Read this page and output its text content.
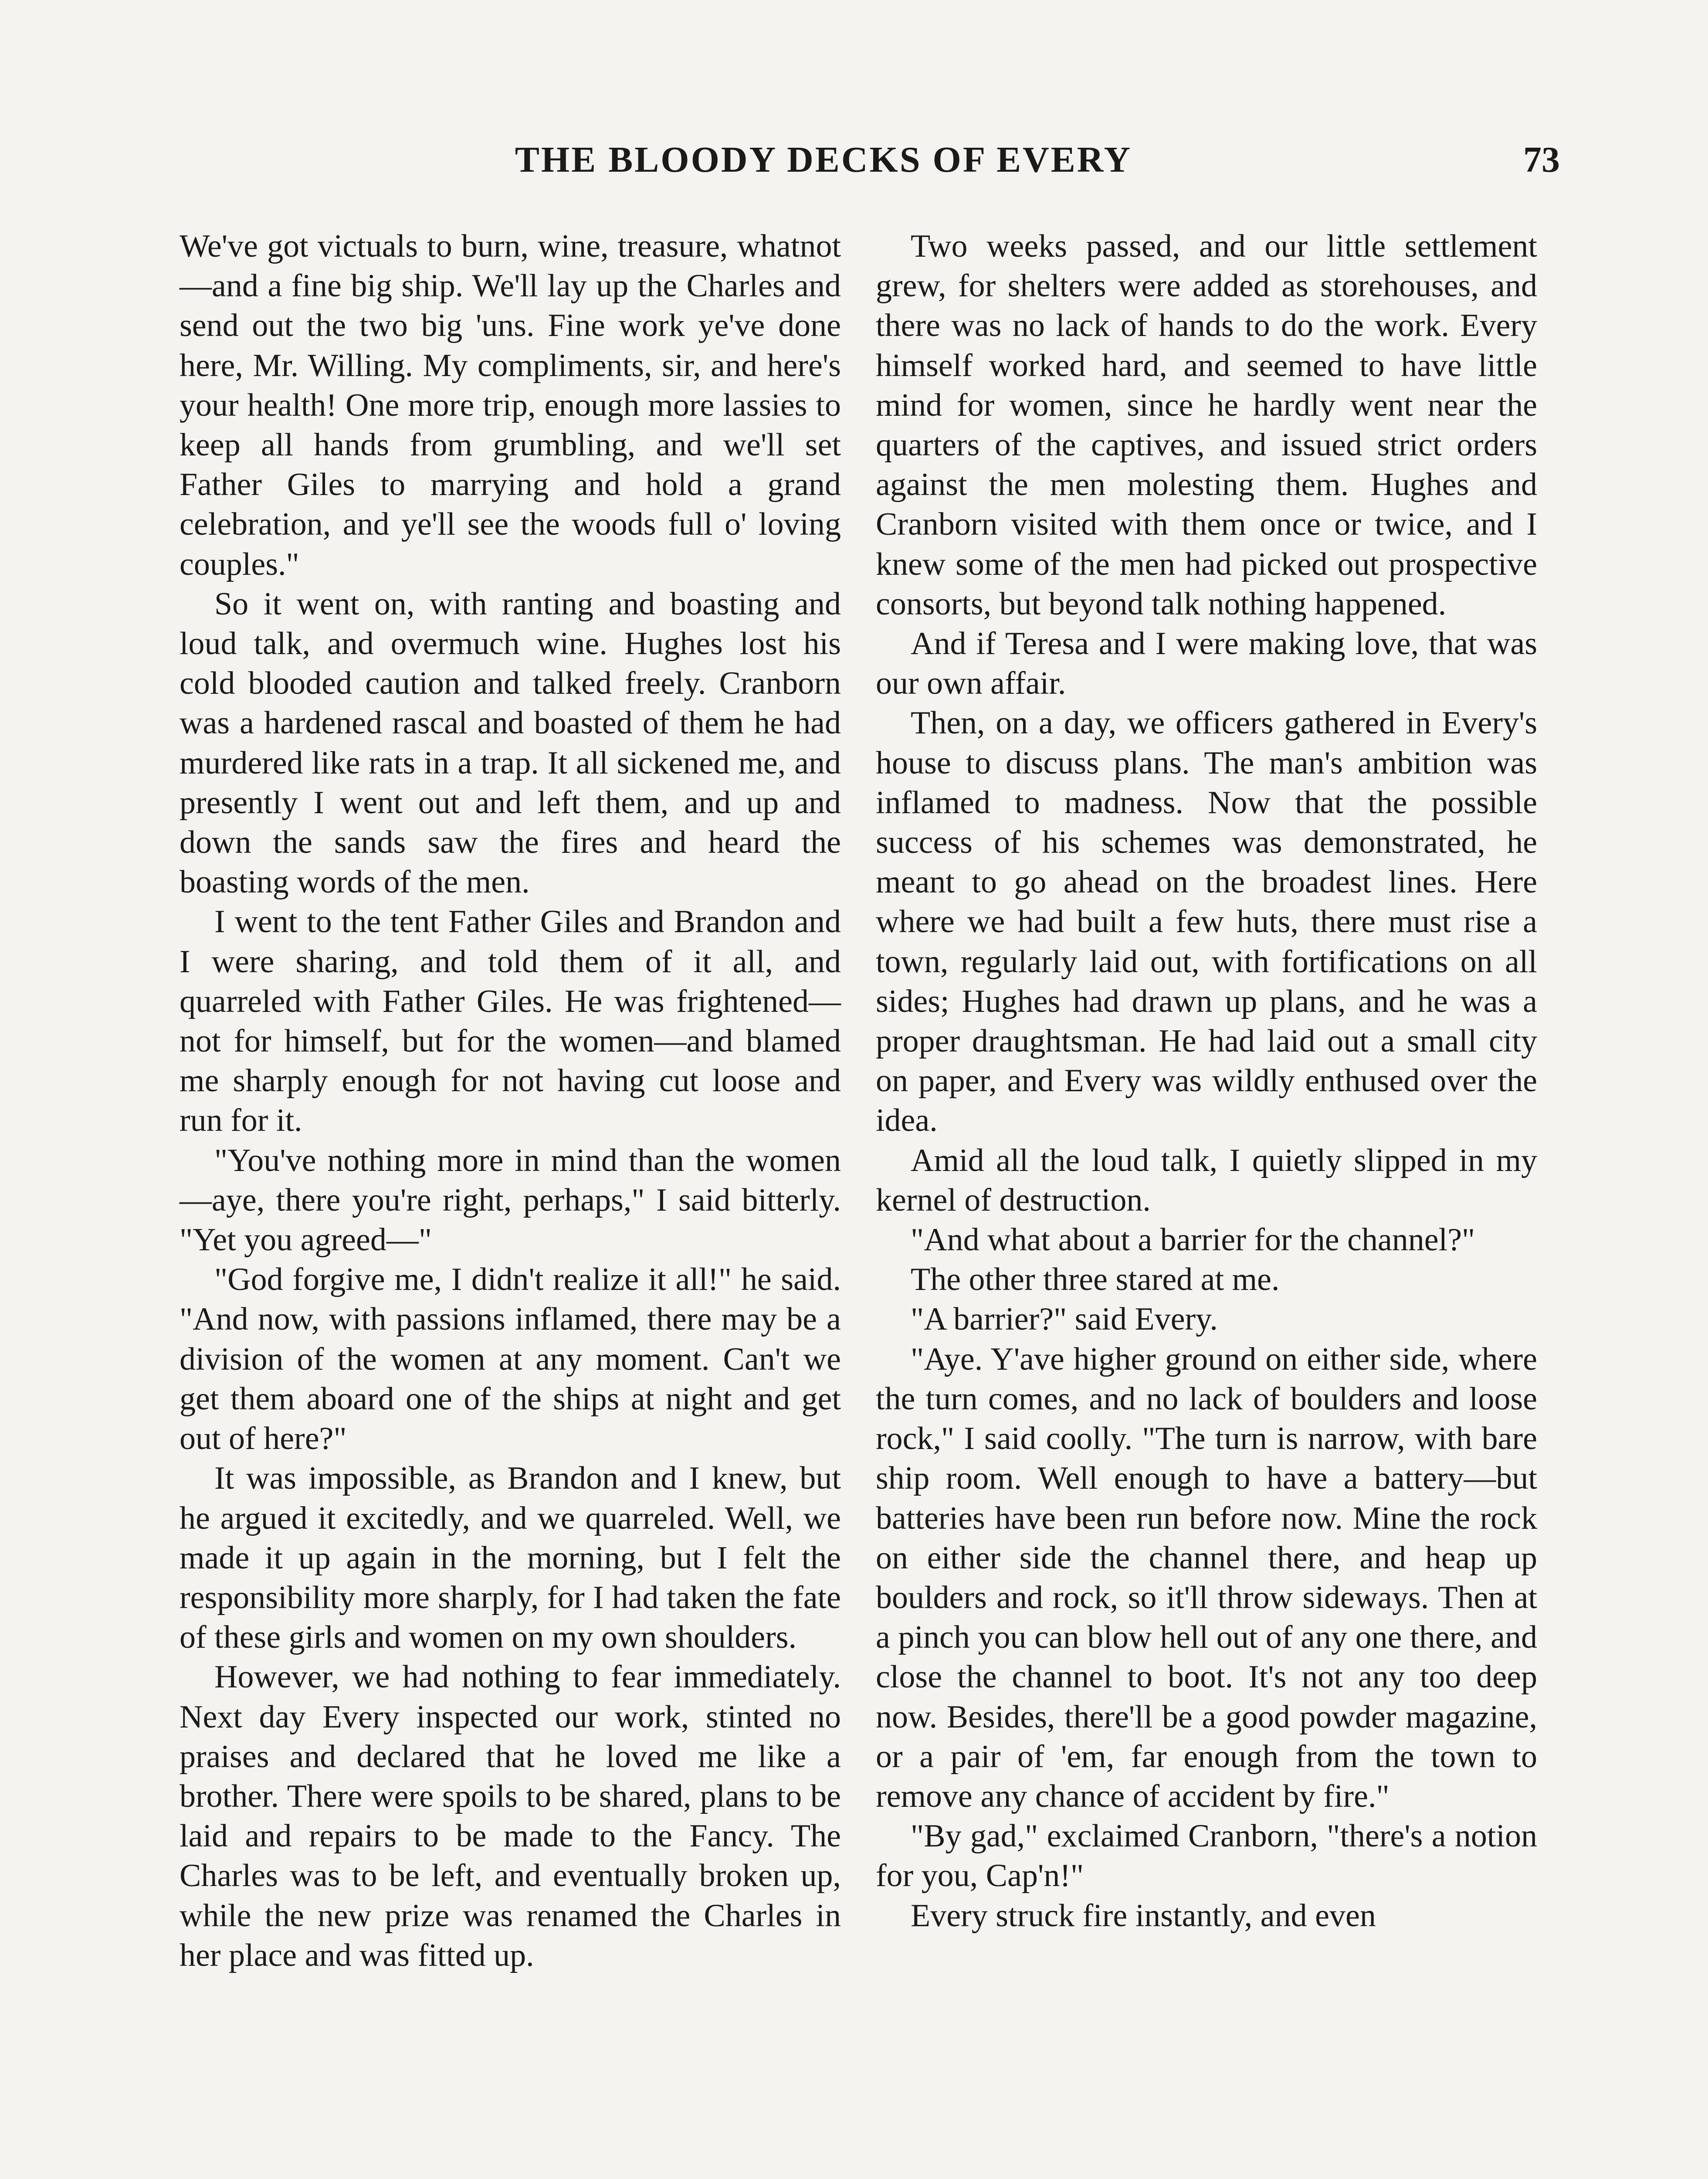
THE BLOODY DECKS OF EVERY	73

We've got victuals to burn, wine, treasure, whatnot—and a fine big ship. We'll lay up the Charles and send out the two big 'uns. Fine work ye've done here, Mr. Willing. My compliments, sir, and here's your health! One more trip, enough more lassies to keep all hands from grumbling, and we'll set Father Giles to marrying and hold a grand celebration, and ye'll see the woods full o' loving couples."

So it went on, with ranting and boasting and loud talk, and overmuch wine. Hughes lost his cold blooded caution and talked freely. Cranborn was a hardened rascal and boasted of them he had murdered like rats in a trap. It all sickened me, and presently I went out and left them, and up and down the sands saw the fires and heard the boasting words of the men.

I went to the tent Father Giles and Brandon and I were sharing, and told them of it all, and quarreled with Father Giles. He was frightened—not for himself, but for the women—and blamed me sharply enough for not having cut loose and run for it.

"You've nothing more in mind than the women—aye, there you're right, perhaps," I said bitterly. "Yet you agreed—"

"God forgive me, I didn't realize it all!" he said. "And now, with passions inflamed, there may be a division of the women at any moment. Can't we get them aboard one of the ships at night and get out of here?"

It was impossible, as Brandon and I knew, but he argued it excitedly, and we quarreled. Well, we made it up again in the morning, but I felt the responsibility more sharply, for I had taken the fate of these girls and women on my own shoulders.

However, we had nothing to fear immediately. Next day Every inspected our work, stinted no praises and declared that he loved me like a brother. There were spoils to be shared, plans to be laid and repairs to be made to the Fancy. The Charles was to be left, and eventually broken up, while the new prize was renamed the Charles in her place and was fitted up.

Two weeks passed, and our little settlement grew, for shelters were added as storehouses, and there was no lack of hands to do the work. Every himself worked hard, and seemed to have little mind for women, since he hardly went near the quarters of the captives, and issued strict orders against the men molesting them. Hughes and Cranborn visited with them once or twice, and I knew some of the men had picked out prospective consorts, but beyond talk nothing happened.

And if Teresa and I were making love, that was our own affair.

Then, on a day, we officers gathered in Every's house to discuss plans. The man's ambition was inflamed to madness. Now that the possible success of his schemes was demonstrated, he meant to go ahead on the broadest lines. Here where we had built a few huts, there must rise a town, regularly laid out, with fortifications on all sides; Hughes had drawn up plans, and he was a proper draughtsman. He had laid out a small city on paper, and Every was wildly enthused over the idea.

Amid all the loud talk, I quietly slipped in my kernel of destruction.

"And what about a barrier for the channel?"

The other three stared at me.

"A barrier?" said Every.

"Aye. Y'ave higher ground on either side, where the turn comes, and no lack of boulders and loose rock," I said coolly. "The turn is narrow, with bare ship room. Well enough to have a battery—but batteries have been run before now. Mine the rock on either side the channel there, and heap up boulders and rock, so it'll throw sideways. Then at a pinch you can blow hell out of any one there, and close the channel to boot. It's not any too deep now. Besides, there'll be a good powder magazine, or a pair of 'em, far enough from the town to remove any chance of accident by fire."

"By gad," exclaimed Cranborn, "there's a notion for you, Cap'n!"

Every struck fire instantly, and even
